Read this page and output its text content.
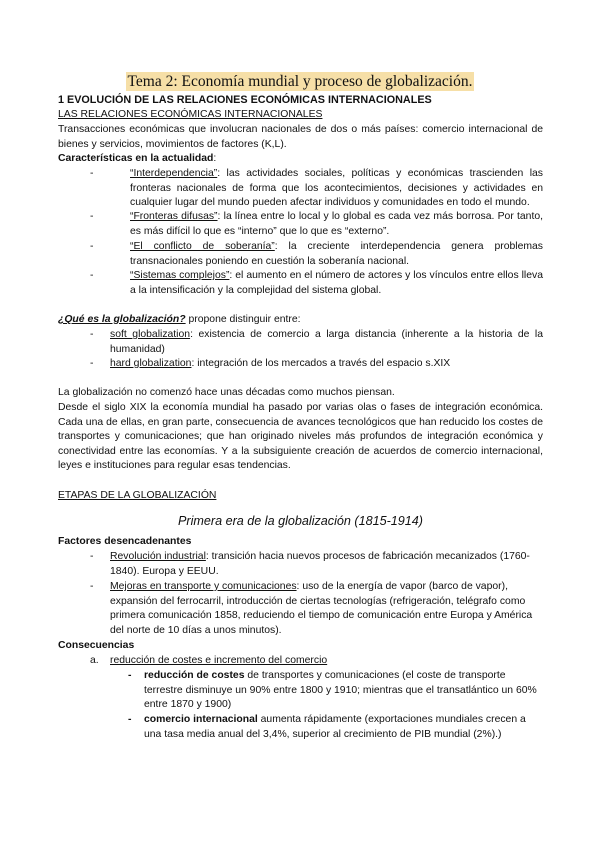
Tema 2: Economía mundial y proceso de globalización.
1 EVOLUCIÓN DE LAS RELACIONES ECONÓMICAS INTERNACIONALES
LAS RELACIONES ECONÓMICAS INTERNACIONALES
Transacciones económicas que involucran nacionales de dos o más países: comercio internacional de bienes y servicios, movimientos de factores (K,L).
Características en la actualidad:
-	“Interdependencia”: las actividades sociales, políticas y económicas trascienden las fronteras nacionales de forma que los acontecimientos, decisiones y actividades en cualquier lugar del mundo pueden afectar individuos y comunidades en todo el mundo.
-	“Fronteras difusas”: la línea entre lo local y lo global es cada vez más borrosa. Por tanto, es más difícil lo que es “interno” que lo que es “externo”.
-	“El conflicto de soberanía”: la creciente interdependencia genera problemas transnacionales poniendo en cuestión la soberanía nacional.
-	“Sistemas complejos”: el aumento en el número de actores y los vínculos entre ellos lleva a la intensificación y la complejidad del sistema global.
¿Qué es la globalización? propone distinguir entre:
- soft globalization: existencia de comercio a larga distancia (inherente a la historia de la humanidad)
- hard globalization: integración de los mercados a través del espacio s.XIX
La globalización no comenzó hace unas décadas como muchos piensan.
Desde el siglo XIX la economía mundial ha pasado por varias olas o fases de integración económica. Cada una de ellas, en gran parte, consecuencia de avances tecnológicos que han reducido los costes de transportes y comunicaciones; que han originado niveles más profundos de integración económica y conectividad entre las economías. Y a la subsiguiente creación de acuerdos de comercio internacional, leyes e instituciones para regular esas tendencias.
ETAPAS DE LA GLOBALIZACIÓN
Primera era de la globalización (1815-1914)
Factores desencadenantes
- Revolución industrial: transición hacia nuevos procesos de fabricación mecanizados (1760-1840). Europa y EEUU.
- Mejoras en transporte y comunicaciones: uso de la energía de vapor (barco de vapor), expansión del ferrocarril, introducción de ciertas tecnologías (refrigeración, telégrafo como primera comunicación 1858, reduciendo el tiempo de comunicación entre Europa y América del norte de 10 días a unos minutos).
Consecuencias
a. reducción de costes e incremento del comercio
- reducción de costes de transportes y comunicaciones (el coste de transporte terrestre disminuye un 90% entre 1800 y 1910; mientras que el transatlántico un 60% entre 1870 y 1900)
- comercio internacional aumenta rápidamente (exportaciones mundiales crecen a una tasa media anual del 3,4%, superior al crecimiento de PIB mundial (2%).)
